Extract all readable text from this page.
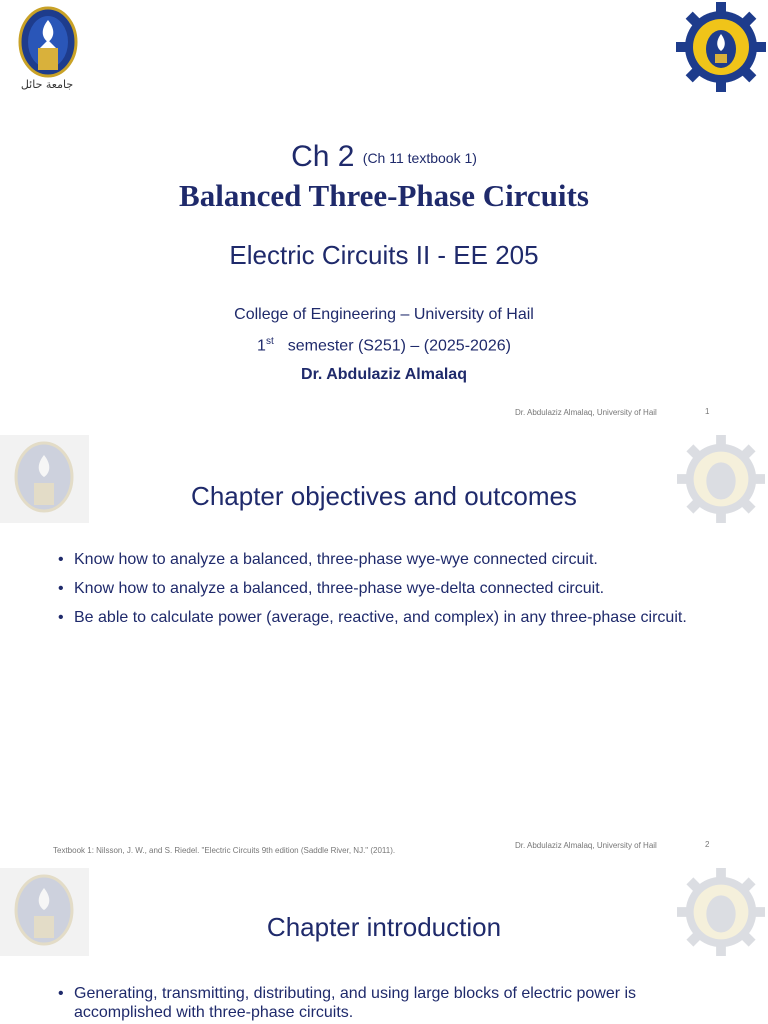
جامعة حائل
Ch 2 (Ch 11 textbook 1)
Balanced Three-Phase Circuits
Electric Circuits II - EE 205
College of Engineering – University of Hail
1st semester (S251) – (2025-2026)
Dr. Abdulaziz Almalaq
Dr. Abdulaziz Almalaq, University of Hail	1
Chapter objectives and outcomes
• Know how to analyze a balanced, three-phase wye-wye connected circuit.
• Know how to analyze a balanced, three-phase wye-delta connected circuit.
• Be able to calculate power (average, reactive, and complex) in any three-phase circuit.
Textbook 1: Nilsson, J. W., and S. Riedel. "Electric Circuits 9th edition (Saddle River, NJ." (2011).
Dr. Abdulaziz Almalaq, University of Hail	2
Chapter introduction
• Generating, transmitting, distributing, and using large blocks of electric power is accomplished with three-phase circuits.
